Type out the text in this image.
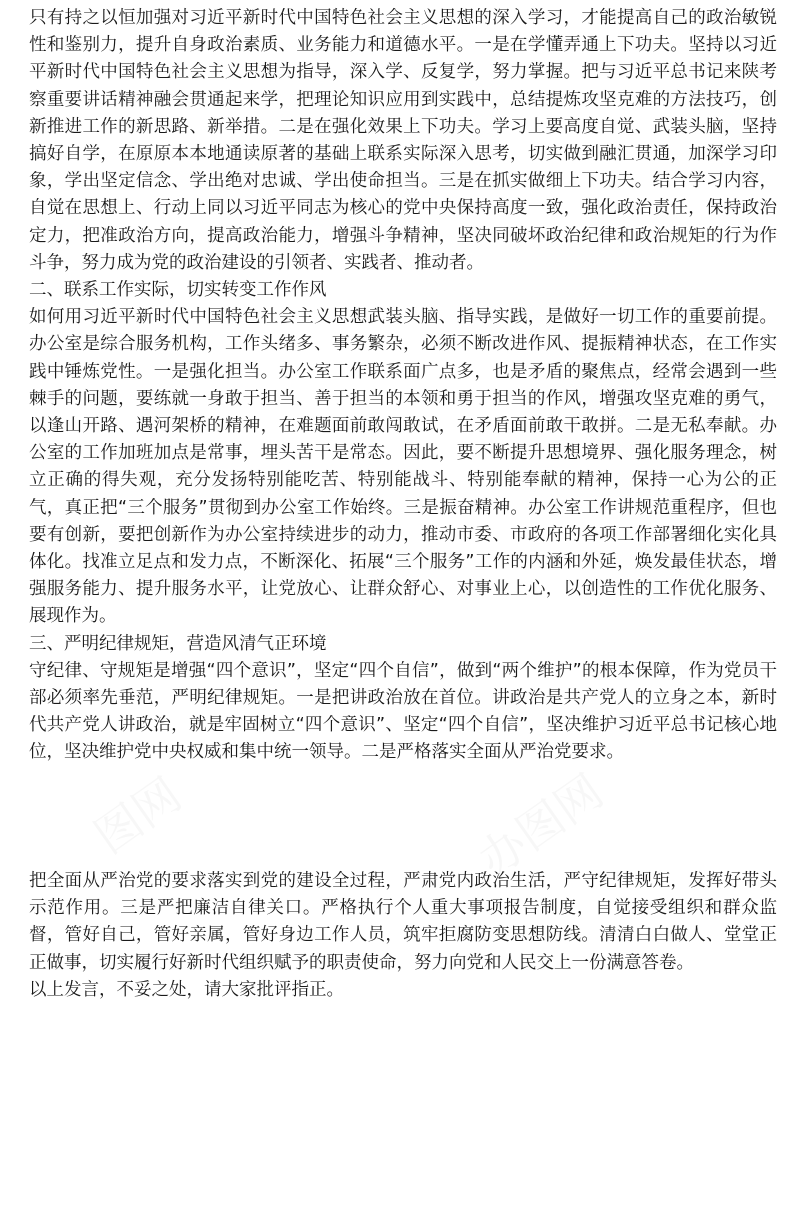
图网	办图网

只有持之以恒加强对习近平新时代中国特色社会主义思想的深入学习，才能提高自己的政治敏锐性和鉴别力，提升自身政治素质、业务能力和道德水平。一是在学懂弄通上下功夫。坚持以习近平新时代中国特色社会主义思想为指导，深入学、反复学，努力掌握。把与习近平总书记来陕考察重要讲话精神融会贯通起来学，把理论知识应用到实践中，总结提炼攻坚克难的方法技巧，创新推进工作的新思路、新举措。二是在强化效果上下功夫。学习上要高度自觉、武装头脑，坚持搞好自学，在原原本本地通读原著的基础上联系实际深入思考，切实做到融汇贯通，加深学习印象，学出坚定信念、学出绝对忠诚、学出使命担当。三是在抓实做细上下功夫。结合学习内容，自觉在思想上、行动上同以习近平同志为核心的党中央保持高度一致，强化政治责任，保持政治定力，把准政治方向，提高政治能力，增强斗争精神，坚决同破坏政治纪律和政治规矩的行为作斗争，努力成为党的政治建设的引领者、实践者、推动者。

二、联系工作实际，切实转变工作作风

如何用习近平新时代中国特色社会主义思想武装头脑、指导实践，是做好一切工作的重要前提。办公室是综合服务机构，工作头绪多、事务繁杂，必须不断改进作风、提振精神状态，在工作实践中锤炼党性。一是强化担当。办公室工作联系面广点多，也是矛盾的聚焦点，经常会遇到一些棘手的问题，要练就一身敢于担当、善于担当的本领和勇于担当的作风，增强攻坚克难的勇气，以逢山开路、遇河架桥的精神，在难题面前敢闯敢试，在矛盾面前敢干敢拼。二是无私奉献。办公室的工作加班加点是常事，埋头苦干是常态。因此，要不断提升思想境界、强化服务理念，树立正确的得失观，充分发扬特别能吃苦、特别能战斗、特别能奉献的精神，保持一心为公的正气，真正把“三个服务”贯彻到办公室工作始终。三是振奋精神。办公室工作讲规范重程序，但也要有创新，要把创新作为办公室持续进步的动力，推动市委、市政府的各项工作部署细化实化具体化。找准立足点和发力点，不断深化、拓展“三个服务”工作的内涵和外延，焕发最佳状态，增强服务能力、提升服务水平，让党放心、让群众舒心、对事业上心，以创造性的工作优化服务、展现作为。

三、严明纪律规矩，营造风清气正环境

守纪律、守规矩是增强“四个意识”，坚定“四个自信”，做到“两个维护”的根本保障，作为党员干部必须率先垂范，严明纪律规矩。一是把讲政治放在首位。讲政治是共产党人的立身之本，新时代共产党人讲政治，就是牢固树立“四个意识”、坚定“四个自信”，坚决维护习近平总书记核心地位，坚决维护党中央权威和集中统一领导。二是严格落实全面从严治党要求。

把全面从严治党的要求落实到党的建设全过程，严肃党内政治生活，严守纪律规矩，发挥好带头示范作用。三是严把廉洁自律关口。严格执行个人重大事项报告制度，自觉接受组织和群众监督，管好自己，管好亲属，管好身边工作人员，筑牢拒腐防变思想防线。清清白白做人、堂堂正正做事，切实履行好新时代组织赋予的职责使命，努力向党和人民交上一份满意答卷。

以上发言，不妥之处，请大家批评指正。
